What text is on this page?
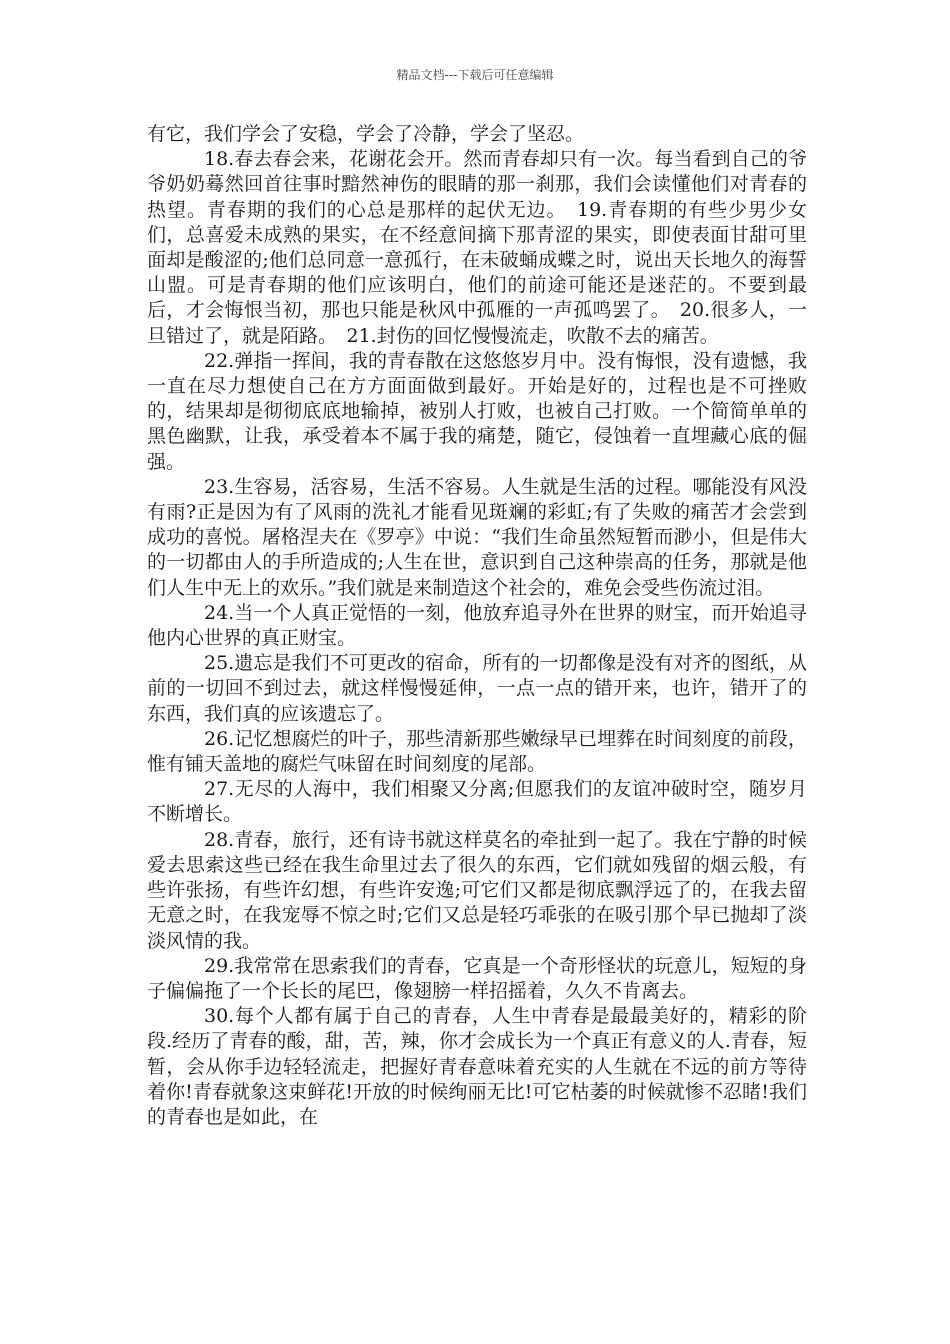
精品文档---下载后可任意编辑

有它，我们学会了安稳，学会了冷静，学会了坚忍。

18.春去春会来，花谢花会开。然而青春却只有一次。每当看到自己的爷爷奶奶蓦然回首往事时黯然神伤的眼睛的那一刹那，我们会读懂他们对青春的热望。青春期的我们的心总是那样的起伏无边。　19.青春期的有些少男少女们，总喜爱未成熟的果实，在不经意间摘下那青涩的果实，即使表面甘甜可里面却是酸涩的;他们总同意一意孤行，在未破蛹成蝶之时，说出天长地久的海誓山盟。可是青春期的他们应该明白，他们的前途可能还是迷茫的。不要到最后，才会悔恨当初，那也只能是秋风中孤雁的一声孤鸣罢了。　20.很多人，一旦错过了，就是陌路。　21.封伤的回忆慢慢流走，吹散不去的痛苦。

22.弹指一挥间，我的青春散在这悠悠岁月中。没有悔恨，没有遗憾，我一直在尽力想使自己在方方面面做到最好。开始是好的，过程也是不可挫败的，结果却是彻彻底底地输掉，被别人打败，也被自己打败。一个简简单单的黑色幽默，让我，承受着本不属于我的痛楚，随它，侵蚀着一直埋藏心底的倔强。

23.生容易，活容易，生活不容易。人生就是生活的过程。哪能没有风没有雨?正是因为有了风雨的洗礼才能看见斑斓的彩虹;有了失败的痛苦才会尝到成功的喜悦。屠格涅夫在《罗亭》中说：“我们生命虽然短暂而渺小，但是伟大的一切都由人的手所造成的;人生在世，意识到自己这种崇高的任务，那就是他们人生中无上的欢乐。”我们就是来制造这个社会的，难免会受些伤流过泪。

24.当一个人真正觉悟的一刻，他放弃追寻外在世界的财宝，而开始追寻他内心世界的真正财宝。

25.遗忘是我们不可更改的宿命，所有的一切都像是没有对齐的图纸，从前的一切回不到过去，就这样慢慢延伸，一点一点的错开来，也许，错开了的东西，我们真的应该遗忘了。

26.记忆想腐烂的叶子，那些清新那些嫩绿早已埋葬在时间刻度的前段，惟有铺天盖地的腐烂气味留在时间刻度的尾部。

27.无尽的人海中，我们相聚又分离;但愿我们的友谊冲破时空，随岁月不断增长。

28.青春，旅行，还有诗书就这样莫名的牵扯到一起了。我在宁静的时候爱去思索这些已经在我生命里过去了很久的东西，它们就如残留的烟云般，有些许张扬，有些许幻想，有些许安逸;可它们又都是彻底飘浮远了的，在我去留无意之时，在我宠辱不惊之时;它们又总是轻巧乖张的在吸引那个早已抛却了淡淡风情的我。

29.我常常在思索我们的青春，它真是一个奇形怪状的玩意儿，短短的身子偏偏拖了一个长长的尾巴，像翅膀一样招摇着，久久不肯离去。

30.每个人都有属于自己的青春，人生中青春是最最美好的，精彩的阶段.经历了青春的酸，甜，苦，辣，你才会成长为一个真正有意义的人.青春，短暂，会从你手边轻轻流走，把握好青春意味着充实的人生就在不远的前方等待着你!青春就象这束鲜花!开放的时候绚丽无比!可它枯萎的时候就惨不忍睹!我们的青春也是如此，在
